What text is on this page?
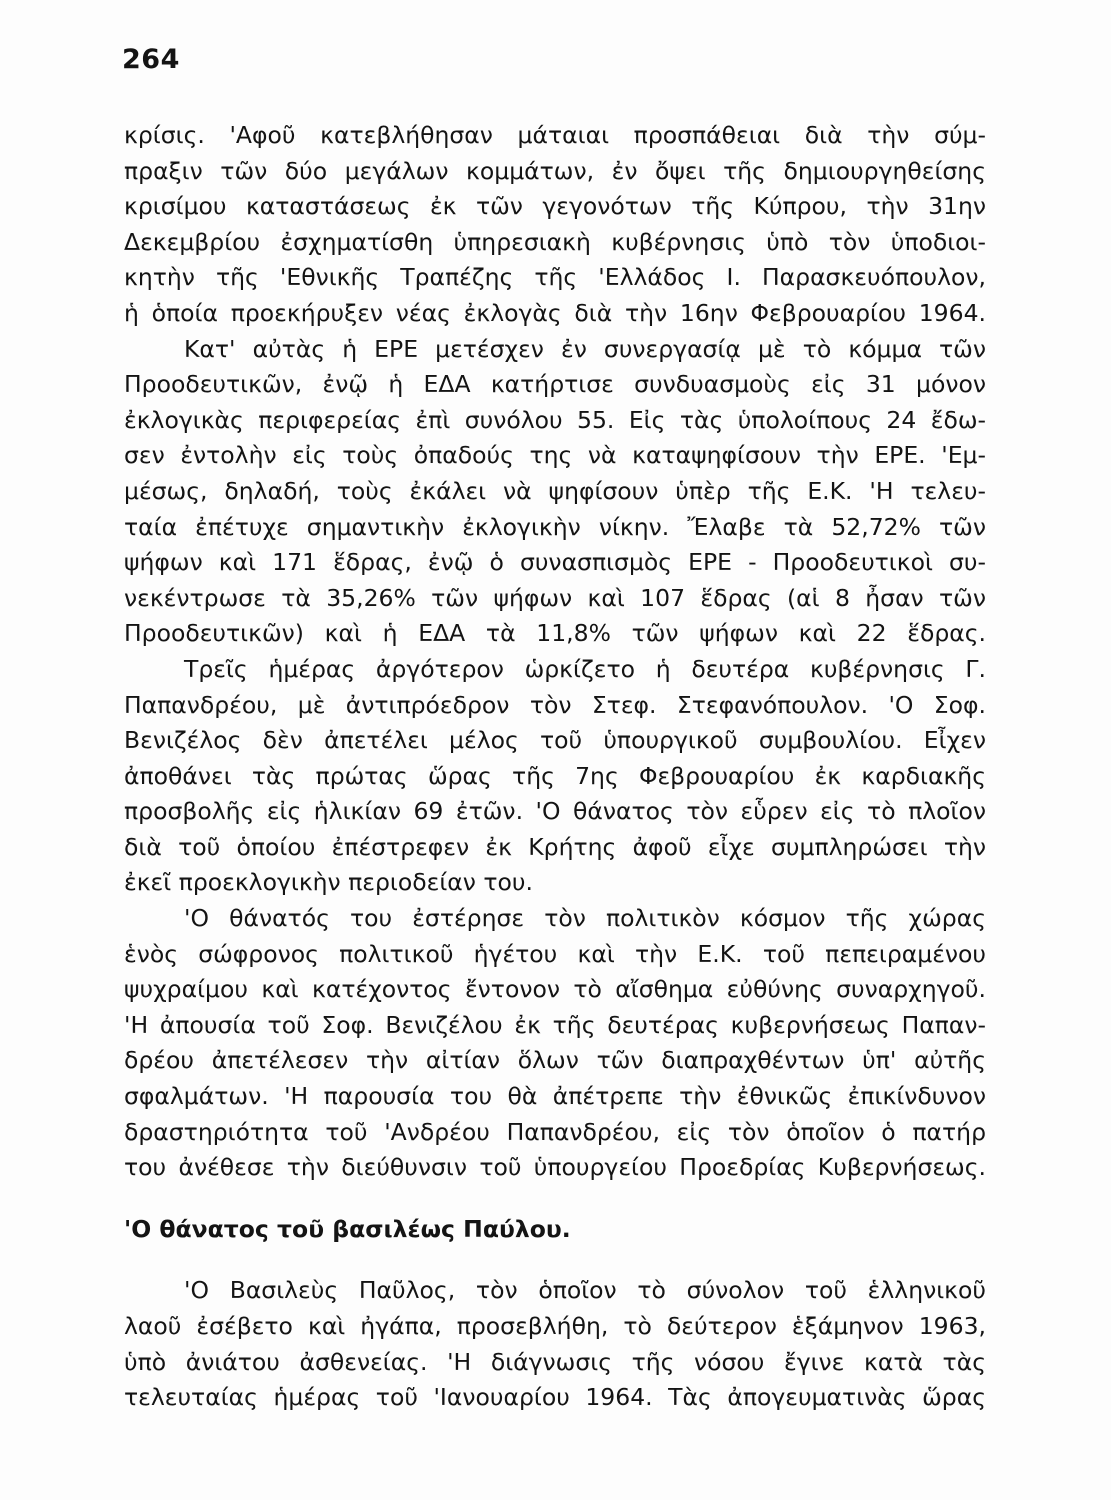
264
κρίσις. 'Αφοῦ κατεβλήθησαν μάταιαι προσπάθειαι διὰ τὴν σύμ-
πραξιν τῶν δύο μεγάλων κομμάτων, ἐν ὄψει τῆς δημιουργηθείσης
κρισίμου καταστάσεως ἐκ τῶν γεγονότων τῆς Κύπρου, τὴν 31ην
Δεκεμβρίου ἐσχηματίσθη ὑπηρεσιακὴ κυβέρνησις ὑπὸ τὸν ὑποδιοι-
κητὴν τῆς 'Εθνικῆς Τραπέζης τῆς 'Ελλάδος Ι. Παρασκευόπουλον,
ἡ ὁποία προεκήρυξεν νέας ἐκλογὰς διὰ τὴν 16ην Φεβρουαρίου 1964.
Κατ' αὐτὰς ἡ ΕΡΕ μετέσχεν ἐν συνεργασίᾳ μὲ τὸ κόμμα τῶν
Προοδευτικῶν, ἐνῷ ἡ ΕΔΑ κατήρτισε συνδυασμοὺς εἰς 31 μόνον
ἐκλογικὰς περιφερείας ἐπὶ συνόλου 55. Εἰς τὰς ὑπολοίπους 24 ἔδω-
σεν ἐντολὴν εἰς τοὺς ὀπαδούς της νὰ καταψηφίσουν τὴν ΕΡΕ. 'Εμ-
μέσως, δηλαδή, τοὺς ἐκάλει νὰ ψηφίσουν ὑπὲρ τῆς Ε.Κ. 'Η τελευ-
ταία ἐπέτυχε σημαντικὴν ἐκλογικὴν νίκην. Ἔλαβε τὰ 52,72% τῶν
ψήφων καὶ 171 ἕδρας, ἐνῷ ὁ συνασπισμὸς ΕΡΕ - Προοδευτικοὶ συ-
νεκέντρωσε τὰ 35,26% τῶν ψήφων καὶ 107 ἕδρας (αἱ 8 ἦσαν τῶν
Προοδευτικῶν) καὶ ἡ ΕΔΑ τὰ 11,8% τῶν ψήφων καὶ 22 ἕδρας.
Τρεῖς ἡμέρας ἀργότερον ὡρκίζετο ἡ δευτέρα κυβέρνησις Γ.
Παπανδρέου, μὲ ἀντιπρόεδρον τὸν Στεφ. Στεφανόπουλον. 'Ο Σοφ.
Βενιζέλος δὲν ἀπετέλει μέλος τοῦ ὑπουργικοῦ συμβουλίου. Εἶχεν
ἀποθάνει τὰς πρώτας ὥρας τῆς 7ης Φεβρουαρίου ἐκ καρδιακῆς
προσβολῆς εἰς ἡλικίαν 69 ἐτῶν. 'Ο θάνατος τὸν εὗρεν εἰς τὸ πλοῖον
διὰ τοῦ ὁποίου ἐπέστρεφεν ἐκ Κρήτης ἀφοῦ εἶχε συμπληρώσει τὴν
ἐκεῖ προεκλογικὴν περιοδείαν του.
'Ο θάνατός του ἐστέρησε τὸν πολιτικὸν κόσμον τῆς χώρας
ἑνὸς σώφρονος πολιτικοῦ ἡγέτου καὶ τὴν Ε.Κ. τοῦ πεπειραμένου
ψυχραίμου καὶ κατέχοντος ἔντονον τὸ αἴσθημα εὐθύνης συναρχηγοῦ.
'Η ἀπουσία τοῦ Σοφ. Βενιζέλου ἐκ τῆς δευτέρας κυβερνήσεως Παπαν-
δρέου ἀπετέλεσεν τὴν αἰτίαν ὅλων τῶν διαπραχθέντων ὑπ' αὐτῆς
σφαλμάτων. 'Η παρουσία του θὰ ἀπέτρεπε τὴν ἐθνικῶς ἐπικίνδυνον
δραστηριότητα τοῦ 'Ανδρέου Παπανδρέου, εἰς τὸν ὁποῖον ὁ πατήρ
του ἀνέθεσε τὴν διεύθυνσιν τοῦ ὑπουργείου Προεδρίας Κυβερνήσεως.
'Ο θάνατος τοῦ βασιλέως Παύλου.
'Ο Βασιλεὺς Παῦλος, τὸν ὁποῖον τὸ σύνολον τοῦ ἑλληνικοῦ
λαοῦ ἐσέβετο καὶ ἠγάπα, προσεβλήθη, τὸ δεύτερον ἑξάμηνον 1963,
ὑπὸ ἀνιάτου ἀσθενείας. 'Η διάγνωσις τῆς νόσου ἔγινε κατὰ τὰς
τελευταίας ἡμέρας τοῦ 'Ιανουαρίου 1964. Τὰς ἀπογευματινὰς ὥρας
